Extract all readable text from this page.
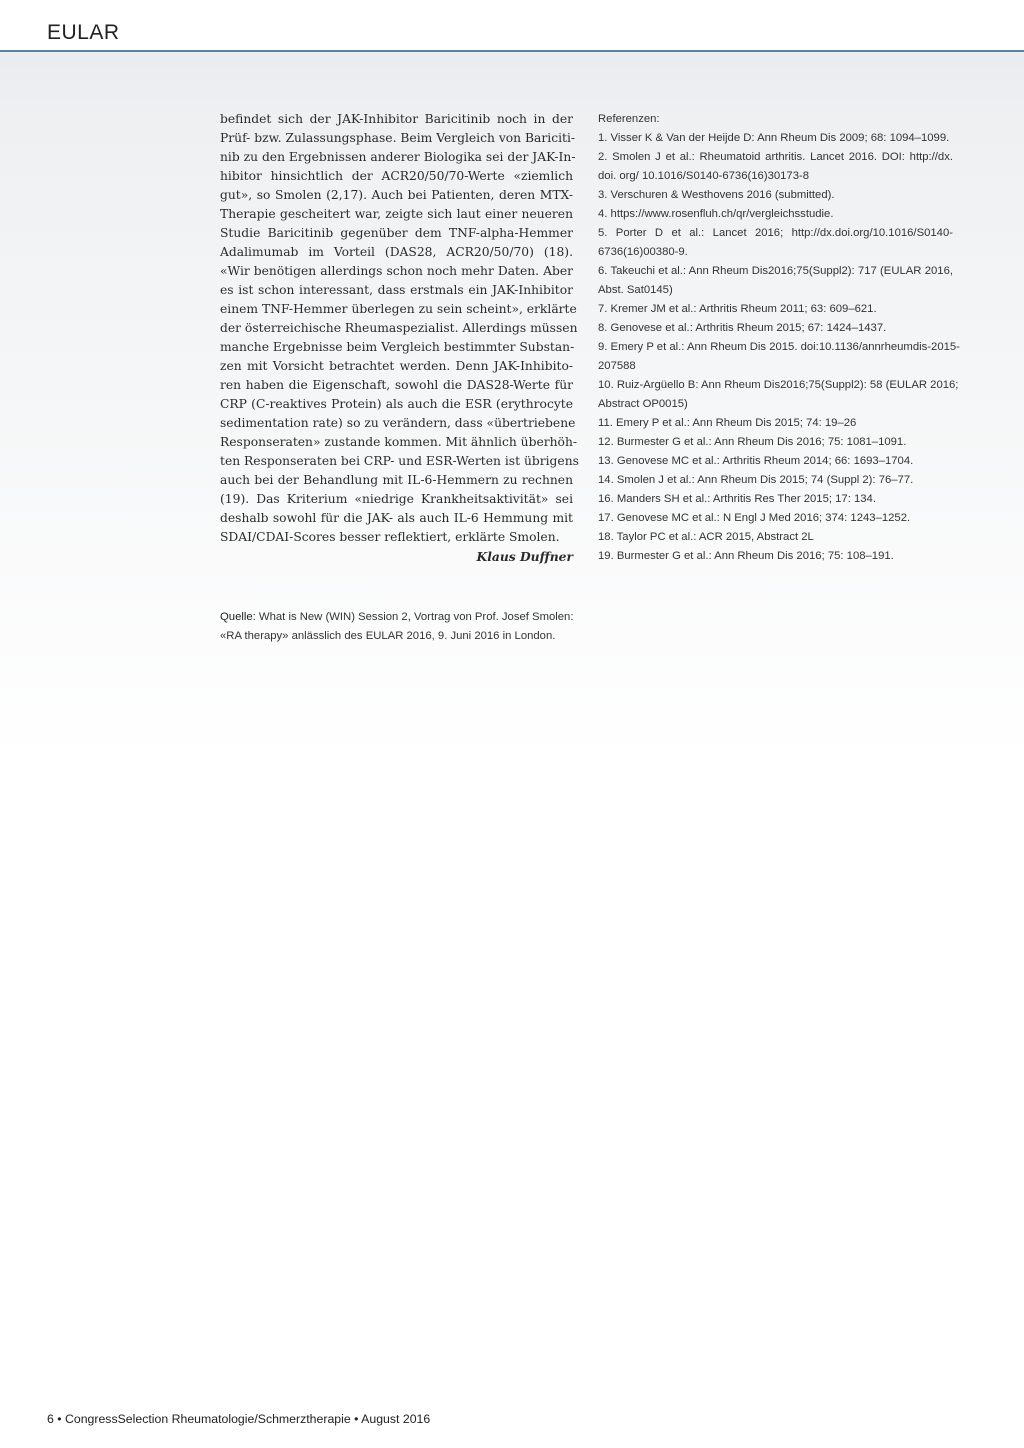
EULAR
befindet sich der JAK-Inhibitor Baricitinib noch in der
Prüf- bzw. Zulassungsphase. Beim Vergleich von Bariciti-
nib zu den Ergebnissen anderer Biologika sei der JAK-In-
hibitor hinsichtlich der ACR20/50/70-Werte «ziemlich
gut», so Smolen (2,17). Auch bei Patienten, deren MTX-
Therapie gescheitert war, zeigte sich laut einer neueren
Studie Baricitinib gegenüber dem TNF-alpha-Hemmer
Adalimumab im Vorteil (DAS28, ACR20/50/70) (18).
«Wir benötigen allerdings schon noch mehr Daten. Aber
es ist schon interessant, dass erstmals ein JAK-Inhibitor
einem TNF-Hemmer überlegen zu sein scheint», erklärte
der österreichische Rheumaspezialist. Allerdings müssen
manche Ergebnisse beim Vergleich bestimmter Substan-
zen mit Vorsicht betrachtet werden. Denn JAK-Inhibito-
ren haben die Eigenschaft, sowohl die DAS28-Werte für
CRP (C-reaktives Protein) als auch die ESR (erythrocyte
sedimentation rate) so zu verändern, dass «übertriebene
Responseraten» zustande kommen. Mit ähnlich überhöh-
ten Responseraten bei CRP- und ESR-Werten ist übrigens
auch bei der Behandlung mit IL-6-Hemmern zu rechnen
(19). Das Kriterium «niedrige Krankheitsaktivität» sei
deshalb sowohl für die JAK- als auch IL-6 Hemmung mit
SDAI/CDAI-Scores besser reflektiert, erklärte Smolen.
Klaus Duffner
Referenzen:
1. Visser K & Van der Heijde D: Ann Rheum Dis 2009; 68: 1094–1099.
2. Smolen J et al.: Rheumatoid arthritis. Lancet 2016. DOI: http://dx.
doi. org/ 10.1016/S0140-6736(16)30173-8
3. Verschuren & Westhovens 2016 (submitted).
4. https://www.rosenfluh.ch/qr/vergleichsstudie.
5. Porter D et al.: Lancet 2016; http://dx.doi.org/10.1016/S0140-
6736(16)00380-9.
6. Takeuchi et al.: Ann Rheum Dis2016;75(Suppl2): 717 (EULAR 2016,
Abst. Sat0145)
7. Kremer JM et al.: Arthritis Rheum 2011; 63: 609–621.
8. Genovese et al.: Arthritis Rheum 2015; 67: 1424–1437.
9. Emery P et al.: Ann Rheum Dis 2015. doi:10.1136/annrheumdis-2015-
207588
10. Ruiz-Argüello B: Ann Rheum Dis2016;75(Suppl2): 58 (EULAR 2016;
Abstract OP0015)
11. Emery P et al.: Ann Rheum Dis 2015; 74: 19–26
12. Burmester G et al.: Ann Rheum Dis 2016; 75: 1081–1091.
13. Genovese MC et al.: Arthritis Rheum 2014; 66: 1693–1704.
14. Smolen J et al.: Ann Rheum Dis 2015; 74 (Suppl 2): 76–77.
16. Manders SH et al.: Arthritis Res Ther 2015; 17: 134.
17. Genovese MC et al.: N Engl J Med 2016; 374: 1243–1252.
18. Taylor PC et al.: ACR 2015, Abstract 2L
19. Burmester G et al.: Ann Rheum Dis 2016; 75: 108–191.
Quelle: What is New (WIN) Session 2, Vortrag von Prof. Josef Smolen:
«RA therapy» anlässlich des EULAR 2016, 9. Juni 2016 in London.
6 • CongressSelection Rheumatologie/Schmerztherapie • August 2016
